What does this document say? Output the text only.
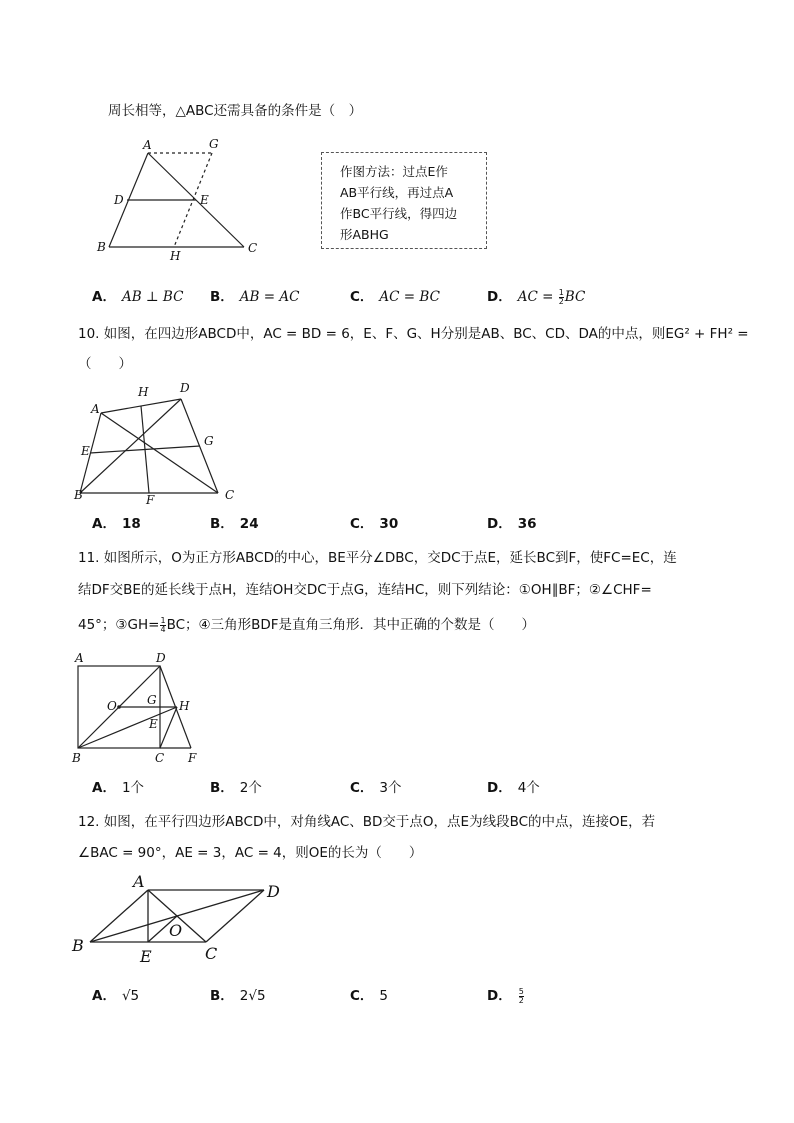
周长相等，△ABC还需具备的条件是（　）
A	G
D	E
B
H
C
作图方法：过点E作
AB平行线，再过点A
作BC平行线，得四边
形ABHG
A． AB ⊥ BC B． AB = AC	C． AC = BC	D． AC = $\frac{1}{2}$ BC
10. 如图，在四边形ABCD中，AC = BD = 6，E、F、G、H分别是AB、BC、CD、DA的中点，则EG² + FH² =
（　　）
H	D
A
G
E
B	F	C
A． 18	B． 24	C． 30	D． 36
11. 如图所示，O为正方形ABCD的中心，BE平分∠DBC，交DC于点E，延长BC到F，使FC=EC，连
结DF交BE的延长线于点H，连结OH交DC于点G，连结HC，则下列结论：①OH∥BF；②∠CHF=
45°；③GH= $\frac{1}{4}$ BC；④三角形BDF是直角三角形．其中正确的个数是（　　）
A	D
O	G H
E
B	C F
A． 1个	B． 2个	C． 3个	D． 4个
12. 如图，在平行四边形ABCD中，对角线AC、BD交于点O，点E为线段BC的中点，连接OE，若
∠BAC = 90°，AE = 3，AC = 4，则OE的长为（　　）
A
D
O
B
E	C
A． √5	B． 2√5	C． 5	D． $\frac{5}{2}$
